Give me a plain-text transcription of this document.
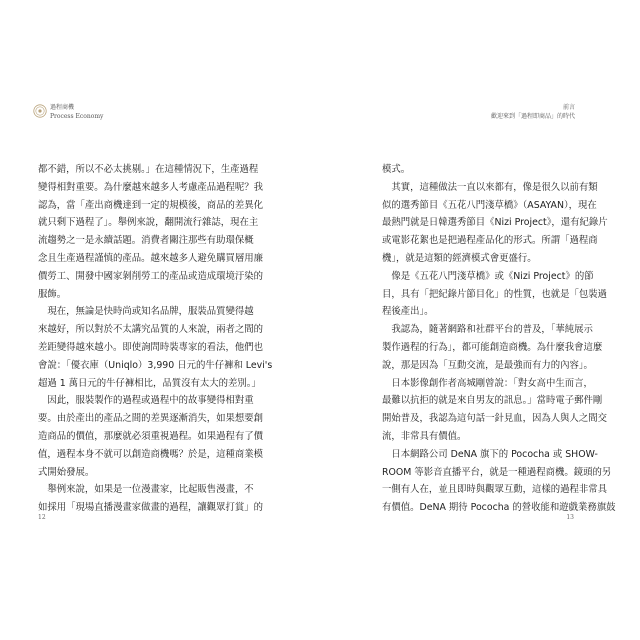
過程商機
Process Economy

都不錯，所以不必太挑剔。」在這種情況下，生產過程
變得相對重要。為什麼越來越多人考慮產品過程呢？我
認為，當「產出商機達到一定的規模後，商品的差異化
就只剩下過程了」。舉例來說，翻開流行雜誌，現在主
流趨勢之一是永續話題。消費者關注那些有助環保概
念且生產過程謹慎的產品。越來越多人避免購買層用廉
價勞工、開發中國家剝削勞工的產品或造成環境汙染的
服飾。
　現在，無論是快時尚或知名品牌，服裝品質變得越
來越好，所以對於不太講究品質的人來說，兩者之間的
差距變得越來越小。即使詢問時裝專家的看法，他們也
會說：「優衣庫（Uniqlo）3,990 日元的牛仔褲和 Levi's
超過 1 萬日元的牛仔褲相比，品質沒有太大的差別。」
　因此，服裝製作的過程或過程中的故事變得相對重
要。由於產出的產品之間的差異逐漸消失，如果想要創
造商品的價值，那麼就必須重視過程。如果過程有了價
值，過程本身不就可以創造商機嗎？於是，這種商業模
式開始發展。
　舉例來說，如果是一位漫畫家，比起販售漫畫，不
如採用「現場直播漫畫家做畫的過程，讓觀眾打賞」的

12
前言
歡迎來到「過程即商品」的時代

模式。
　其實，這種做法一直以來都有，像是很久以前有類
似的選秀節目《五花八門淺草橋》（ASAYAN），現在
最熱門就是日韓選秀節目《Nizi Project》，還有紀錄片
或電影花絮也是把過程產品化的形式。所謂「過程商
機」，就是這類的經濟模式會更盛行。
　像是《五花八門淺草橋》或《Nizi Project》的節
目，具有「把紀錄片節目化」的性質，也就是「包裝過
程後產出」。
　我認為，隨著網路和社群平台的普及，「華純展示
製作過程的行為」，都可能創造商機。為什麼我會這麼
說，那是因為「互動交流，是最強而有力的內容」。
　日本影像創作者高城剛曾說：「對女高中生而言，
最難以抗拒的就是來自男友的訊息。」當時電子郵件剛
開始普及，我認為這句話一針見血，因為人與人之間交
流，非常具有價值。
　日本網路公司 DeNA 旗下的 Pococha 或 SHOW-
ROOM 等影音直播平台，就是一種過程商機。鏡頭的另
一側有人在，並且即時與觀眾互動，這樣的過程非常具
有價值。DeNA 期待 Pococha 的營收能和遊戲業務旗鼓

13
